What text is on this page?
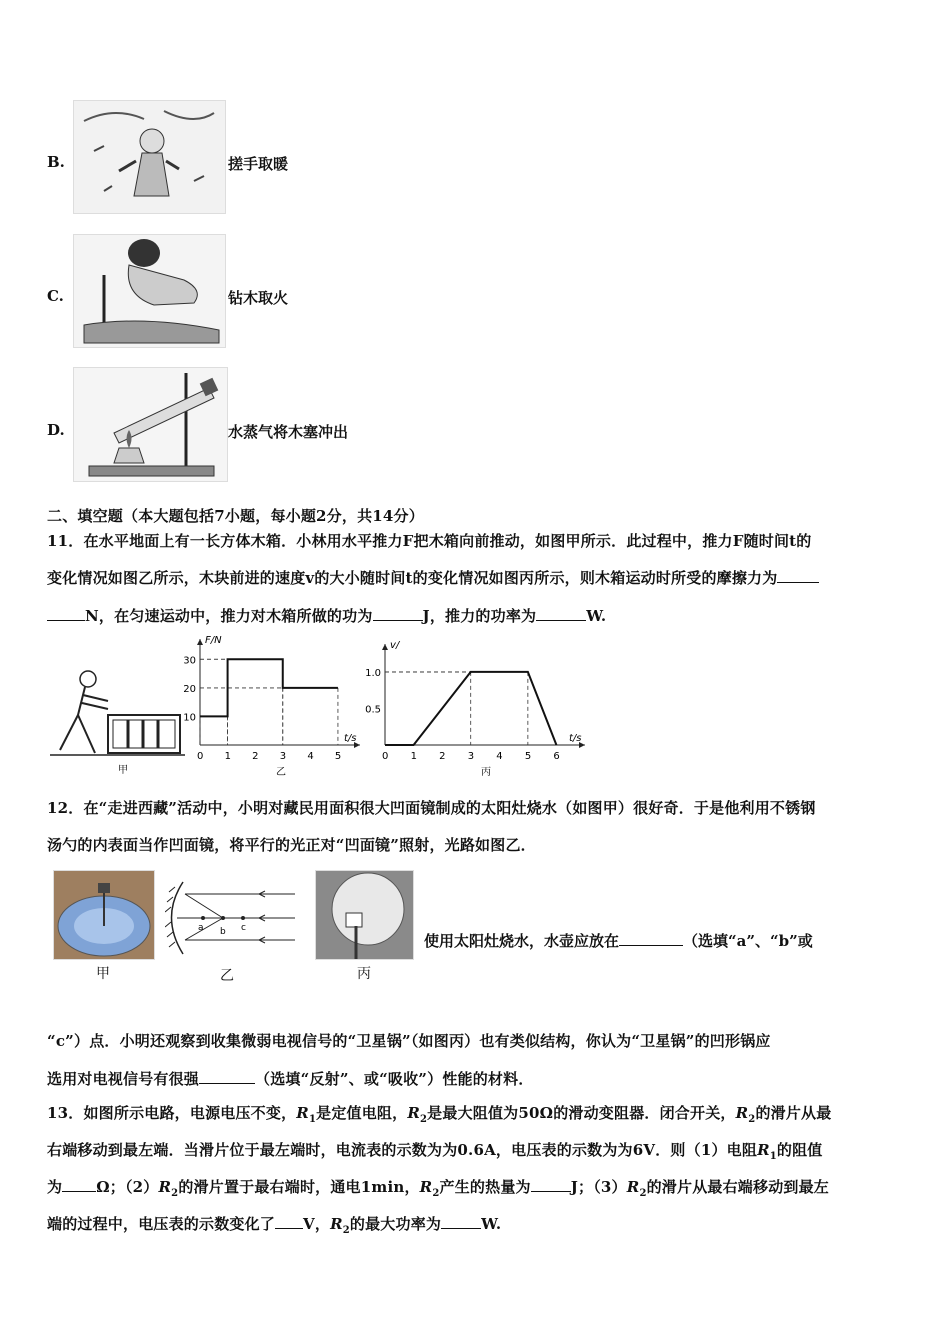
B.	搓手取暖
C.	钻木取火
D.	水蒸气将木塞冲出
二、填空题（本大题包括7小题，每小题2分，共14分）
11．在水平地面上有一长方体木箱．小林用水平推力F把木箱向前推动，如图甲所示．此过程中，推力F随时间t的
变化情况如图乙所示，木块前进的速度v的大小随时间t的变化情况如图丙所示，则木箱运动时所受的摩擦力为
N，在匀速运动中，推力对木箱所做的功为	J，推力的功率为	W.
甲
t/s
F/N
0 1 2 3 4 5
10
20
30
乙
t/s
v/
0 1 2 3 4 5 6
0.5
1.0
丙
12．在“走进西藏”活动中，小明对藏民用面积很大凹面镜制成的太阳灶烧水（如图甲）很好奇．于是他利用不锈钢
汤勺的内表面当作凹面镜，将平行的光正对“凹面镜”照射，光路如图乙．
甲
a b c
乙	丙
使用太阳灶烧水，水壶应放在	（选填“a”、“b”或
“c”）点．小明还观察到收集微弱电视信号的“卫星锅”（如图丙）也有类似结构，你认为“卫星锅”的凹形锅应
选用对电视信号有很强	（选填“反射”、或“吸收”）性能的材料．
13．如图所示电路，电源电压不变，$R_1$是定值电阻，$R_2$是最大阻值为50Ω的滑动变阻器．闭合开关，$R_2$的滑片从最
右端移动到最左端．当滑片位于最左端时，电流表的示数为为0.6A，电压表的示数为为6V．则（1）电阻$R_1$的阻值
为 Ω；$(2)R_2$的滑片置于最右端时，通电1min，$R_2$产生的热量为	J；$(3)R_2$的滑片从最右端移动到最左
端的过程中，电压表的示数变化了 V，$R_2$的最大功率为	W.
